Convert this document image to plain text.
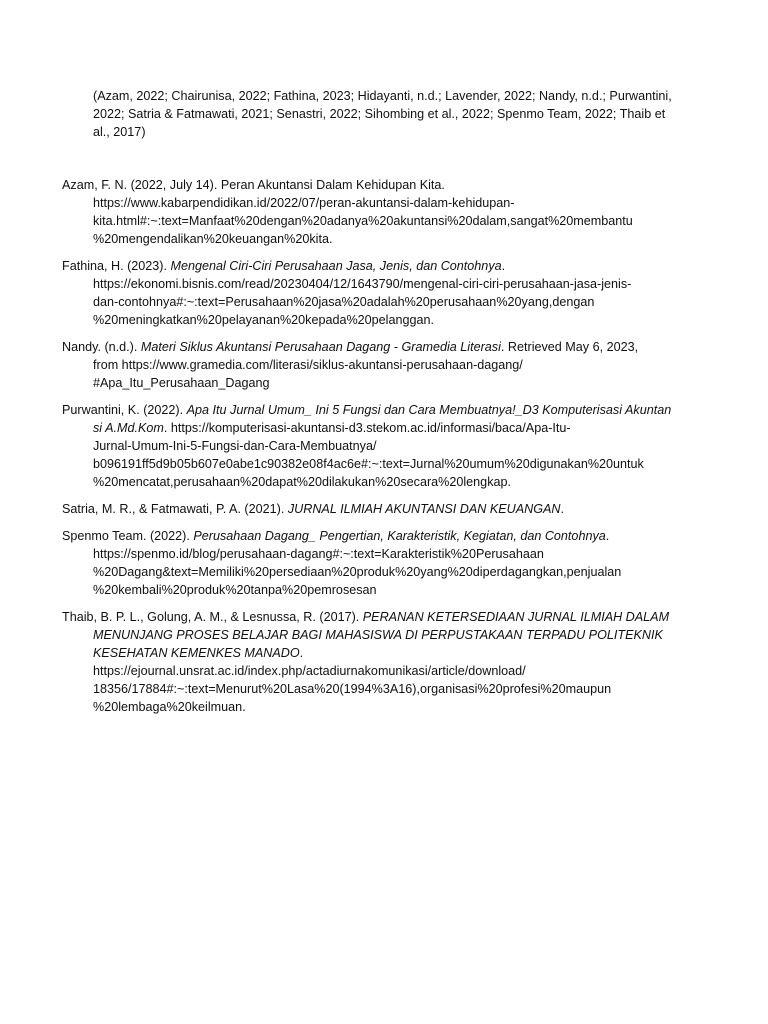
(Azam, 2022; Chairunisa, 2022; Fathina, 2023; Hidayanti, n.d.; Lavender, 2022; Nandy, n.d.; Purwantini, 2022; Satria & Fatmawati, 2021; Senastri, 2022; Sihombing et al., 2022; Spenmo Team, 2022; Thaib et al., 2017)

Azam, F. N. (2022, July 14). Peran Akuntansi Dalam Kehidupan Kita.
https://www.kabarpendidikan.id/2022/07/peran-akuntansi-dalam-kehidupan-
kita.html#:~:text=Manfaat%20dengan%20adanya%20akuntansi%20dalam,sangat%20membantu
%20mengendalikan%20keuangan%20kita.
Fathina, H. (2023). Mengenal Ciri-Ciri Perusahaan Jasa, Jenis, dan Contohnya.
https://ekonomi.bisnis.com/read/20230404/12/1643790/mengenal-ciri-ciri-perusahaan-jasa-jenis-
dan-contohnya#:~:text=Perusahaan%20jasa%20adalah%20perusahaan%20yang,dengan
%20meningkatkan%20pelayanan%20kepada%20pelanggan.
Nandy. (n.d.). Materi Siklus Akuntansi Perusahaan Dagang - Gramedia Literasi. Retrieved May 6, 2023,
from https://www.gramedia.com/literasi/siklus-akuntansi-perusahaan-dagang/
#Apa_Itu_Perusahaan_Dagang
Purwantini, K. (2022). Apa Itu Jurnal Umum_ Ini 5 Fungsi dan Cara Membuatnya!_D3 Komputerisasi Akuntansi A.Md.Kom. https://komputerisasi-akuntansi-d3.stekom.ac.id/informasi/baca/Apa-Itu-
Jurnal-Umum-Ini-5-Fungsi-dan-Cara-Membuatnya/
b096191ff5d9b05b607e0abe1c90382e08f4ac6e#:~:text=Jurnal%20umum%20digunakan%20untuk
%20mencatat,perusahaan%20dapat%20dilakukan%20secara%20lengkap.
Satria, M. R., & Fatmawati, P. A. (2021). JURNAL ILMIAH AKUNTANSI DAN KEUANGAN.
Spenmo Team. (2022). Perusahaan Dagang_ Pengertian, Karakteristik, Kegiatan, dan Contohnya.
https://spenmo.id/blog/perusahaan-dagang#:~:text=Karakteristik%20Perusahaan
%20Dagang&text=Memiliki%20persediaan%20produk%20yang%20diperdagangkan,penjualan
%20kembali%20produk%20tanpa%20pemrosesan
Thaib, B. P. L., Golung, A. M., & Lesnussa, R. (2017). PERANAN KETERSEDIAAN JURNAL ILMIAH DALAM MENUNJANG PROSES BELAJAR BAGI MAHASISWA DI PERPUSTAKAAN TERPADU POLITEKNIK KESEHATAN KEMENKES MANADO.
https://ejournal.unsrat.ac.id/index.php/actadiurnakomunikasi/article/download/
18356/17884#:~:text=Menurut%20Lasa%20(1994%3A16),organisasi%20profesi%20maupun
%20lembaga%20keilmuan.
